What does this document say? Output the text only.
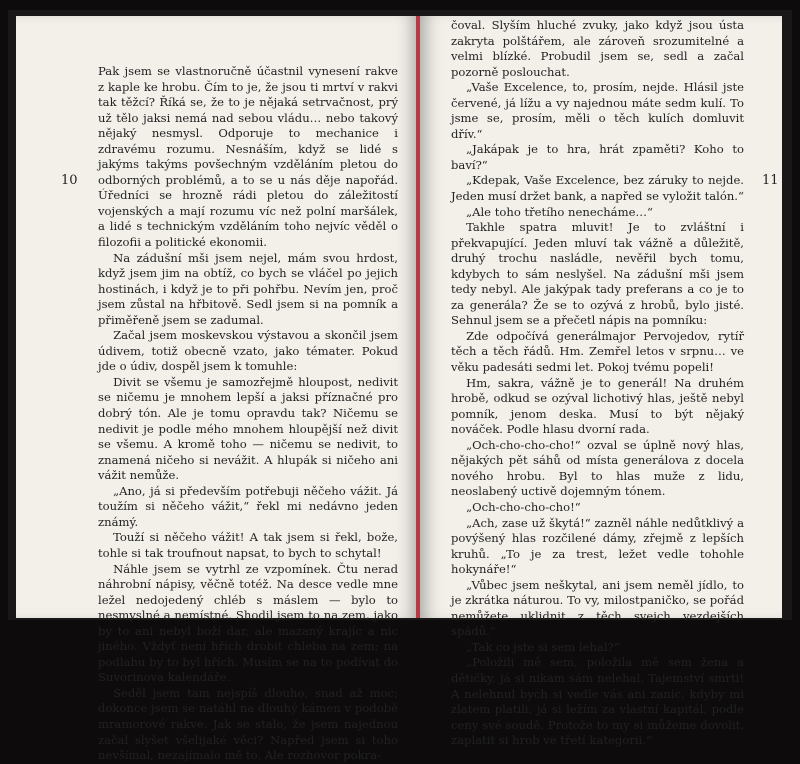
10

Pak jsem se vlastnoručně účastnil vynesení rakve z kaple ke hrobu. Čím to je, že jsou ti mrtví v rakvi tak těžcí? Říká se, že to je nějaká setrvačnost, prý už tělo jaksi nemá nad sebou vládu… nebo takový nějaký nesmysl. Odporuje to mechanice i zdravému rozumu. Nesnáším, když se lidé s jakýms takýms povšechným vzděláním pletou do odborných problémů, a to se u nás děje napořád. Úředníci se hrozně rádi pletou do záležitostí vojenských a mají rozumu víc než polní maršálek, a lidé s technickým vzděláním toho nejvíc věděl o filozofii a politické ekonomii.

Na zádušní mši jsem nejel, mám svou hrdost, když jsem jim na obtíž, co bych se vláčel po jejich hostinách, i když je to při pohřbu. Nevím jen, proč jsem zůstal na hřbitově. Sedl jsem si na pomník a přiměřeně jsem se zadumal.

Začal jsem moskevskou výstavou a skončil jsem údivem, totiž obecně vzato, jako témater. Pokud jde o údiv, dospěl jsem k tomuhle:

Divit se všemu je samozřejmě hloupost, nedivit se ničemu je mnohem lepší a jaksi příznačné pro dobrý tón. Ale je tomu opravdu tak? Ničemu se nedivit je podle mého mnohem hloupější než divit se všemu. A kromě toho — ničemu se nedivit, to znamená ničeho si nevážit. A hlupák si ničeho ani vážit nemůže.

„Ano, já si především potřebuji něčeho vážit. Já toužím si něčeho vážit,“ řekl mi nedávno jeden známý.

Touží si něčeho vážit! A tak jsem si řekl, bože, tohle si tak troufnout napsat, to bych to schytal!

Náhle jsem se vytrhl ze vzpomínek. Čtu nerad náhrobní nápisy, věčně totéž. Na desce vedle mne ležel nedojedený chléb s máslem — bylo to nesmyslné a nemístné. Shodil jsem to na zem, jako by to ani nebyl boží dar, ale mazaný krajíc a nic jiného. Vždyť není hřích drobit chleba na zem; na podlahu by to byl hřích. Musím se na to podívat do Suvorinova kalendáře.

Seděl jsem tam nejspíš dlouho, snad až moc; dokonce jsem se natáhl na dlouhý kámen v podobě mramorové rakve. Jak se stalo, že jsem najednou začal slyšet všelijaké věci? Napřed jsem si toho nevšímal, nezajímalo mě to. Ale rozhovor pokra-

11

čoval. Slyším hluché zvuky, jako když jsou ústa zakryta polštářem, ale zároveň srozumitelné a velmi blízké. Probudil jsem se, sedl a začal pozorně poslouchat.

„Vaše Excelence, to, prosím, nejde. Hlásil jste červené, já lížu a vy najednou máte sedm kulí. To jsme se, prosím, měli o těch kulích domluvit dřív.“

„Jakápak je to hra, hrát zpaměti? Koho to baví?“

„Kdepak, Vaše Excelence, bez záruky to nejde. Jeden musí držet bank, a napřed se vyložit talón.“

„Ale toho třetího nenecháme…“

Takhle spatra mluvit! Je to zvláštní i překvapující. Jeden mluví tak vážně a důležitě, druhý trochu nasládle, nevěřil bych tomu, kdybych to sám neslyšel. Na zádušní mši jsem tedy nebyl. Ale jakýpak tady preferans a co je to za generála? Že se to ozývá z hrobů, bylo jisté. Sehnul jsem se a přečetl nápis na pomníku:

Zde odpočívá generálmajor Pervojedov, rytíř těch a těch řádů. Hm. Zemřel letos v srpnu… ve věku padesáti sedmi let. Pokoj tvému popeli!

Hm, sakra, vážně je to generál! Na druhém hrobě, odkud se ozýval lichotivý hlas, ještě nebyl pomník, jenom deska. Musí to být nějaký nováček. Podle hlasu dvorní rada.

„Och-cho-cho-cho!“ ozval se úplně nový hlas, nějakých pět sáhů od místa generálova z docela nového hrobu. Byl to hlas muže z lidu, neoslabený uctivě dojemným tónem.

„Och-cho-cho-cho!“

„Ach, zase už škytá!“ zazněl náhle nedůtklivý a povýšený hlas rozčilené dámy, zřejmě z lepších kruhů. „To je za trest, ležet vedle tohohle hokynáře!“

„Vůbec jsem neškytal, ani jsem neměl jídlo, to je zkrátka náturou. To vy, milostpaničko, se pořád nemůžete uklidnit z těch svejch vezdejších spádů.“

„Tak co jste si sem lehal?“

„Položili mě sem, položila mě sem žena a dětičky, já si nikam sám nelehal. Tajemství smrti! A nelehnul bych si vedle vás ani zanic, kdyby mi zlatem platili, já si ležím za vlastní kapitál, podle ceny své soudě. Protože to my si můžeme dovolit, zaplatit si hrob ve třetí kategorii.“
